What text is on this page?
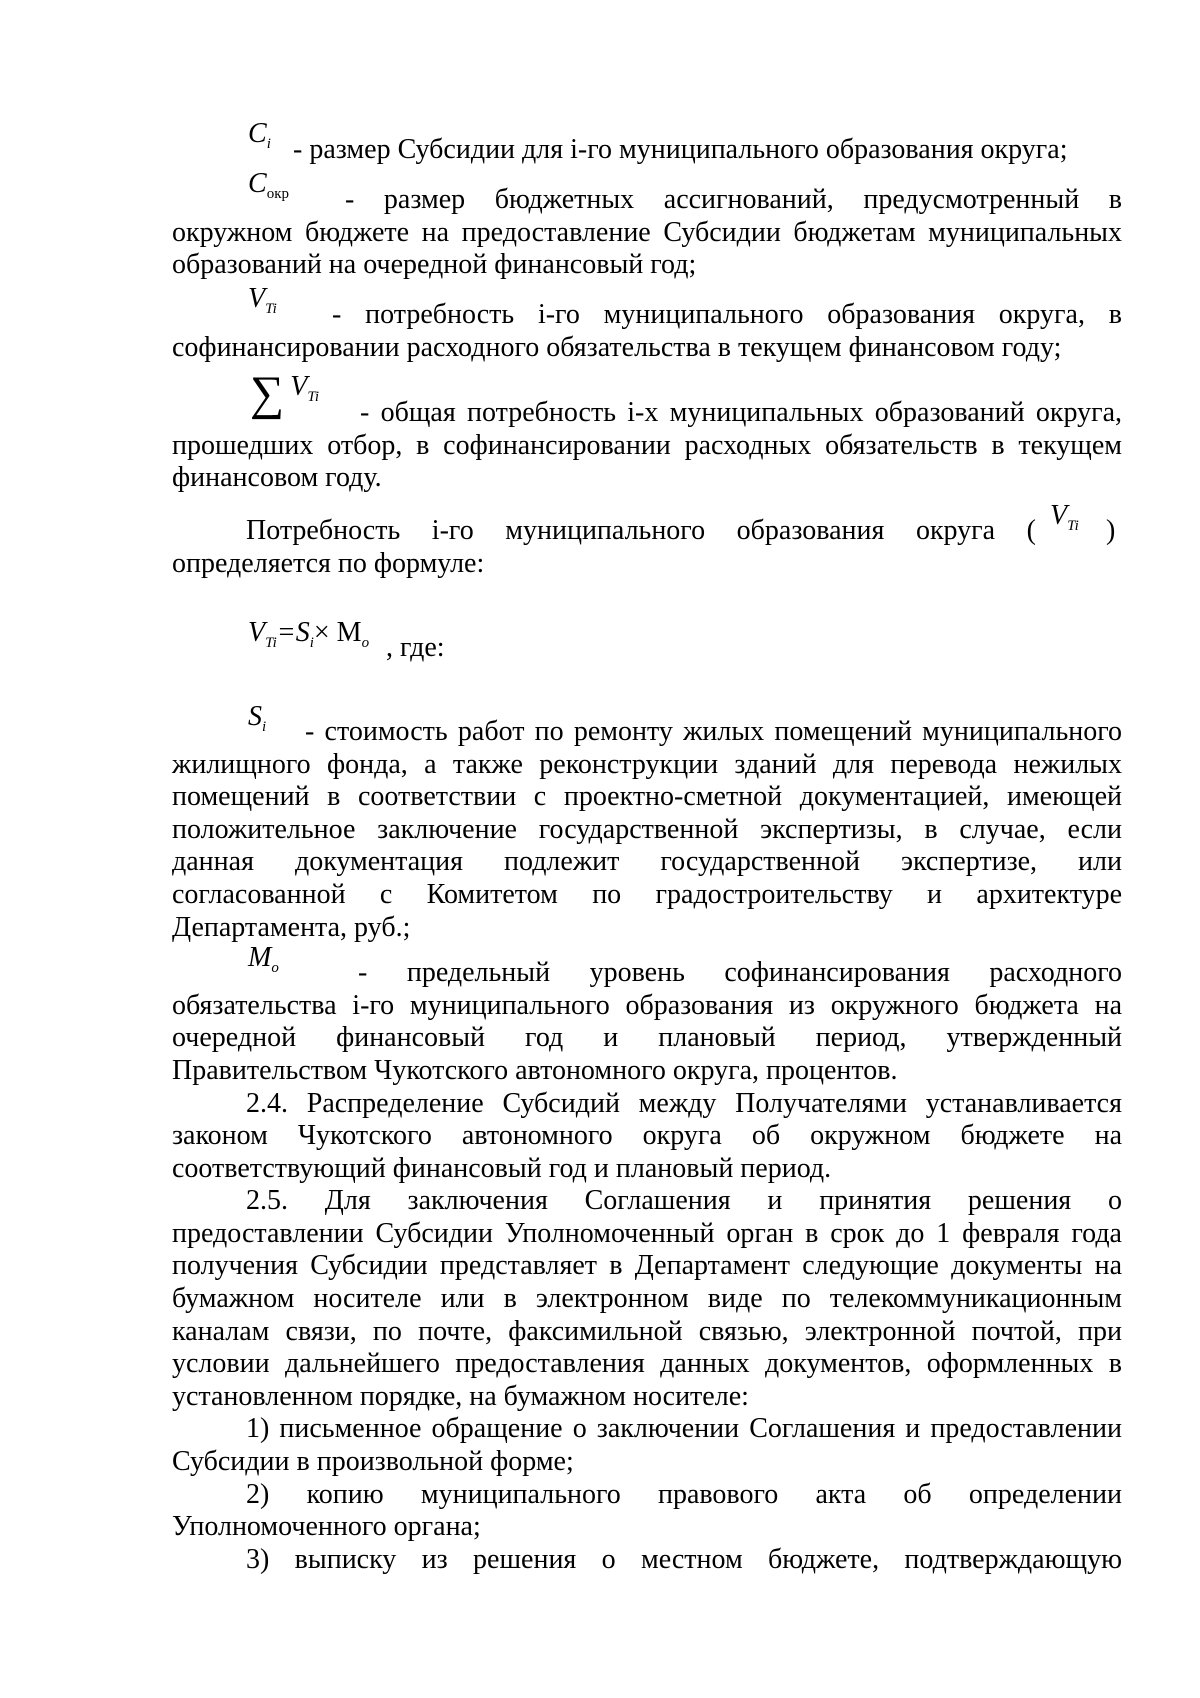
$C_i$ - размер Субсидии для i-го муниципального образования округа;
$C_{окр}$ - размер бюджетных ассигнований, предусмотренный в
окружном бюджете на предоставление Субсидии бюджетам муниципальных
образований на очередной финансовый год;
$V_{Ti}$ - потребность i-го муниципального образования округа, в
софинансировании расходного обязательства в текущем финансовом году;
∑ $V_{Ti}$ - общая потребность i-х муниципальных образований округа,
прошедших отбор, в софинансировании расходных обязательств в текущем
финансовом году.
Потребность i-го муниципального образования округа ( $V_{Ti}$ )
определяется по формуле:
$V_{Ti}=S_i\times M_o$ , где:
$S_i$ - стоимость работ по ремонту жилых помещений муниципального
жилищного фонда, а также реконструкции зданий для перевода нежилых
помещений в соответствии с проектно-сметной документацией, имеющей
положительное заключение государственной экспертизы, в случае, если
данная документация подлежит государственной экспертизе, или
согласованной с Комитетом по градостроительству и архитектуре
Департамента, руб.;
$M_o$	- предельный уровень софинансирования расходного
обязательства i-го муниципального образования из окружного бюджета на
очередной финансовый год и плановый период, утвержденный
Правительством Чукотского автономного округа, процентов.
2.4. Распределение Субсидий между Получателями устанавливается
законом Чукотского автономного округа об окружном бюджете на
соответствующий финансовый год и плановый период.
2.5. Для заключения Соглашения и принятия решения о
предоставлении Субсидии Уполномоченный орган в срок до 1 февраля года
получения Субсидии представляет в Департамент следующие документы на
бумажном носителе или в электронном виде по телекоммуникационным
каналам связи, по почте, факсимильной связью, электронной почтой, при
условии дальнейшего предоставления данных документов, оформленных в
установленном порядке, на бумажном носителе:
1) письменное обращение о заключении Соглашения и предоставлении
Субсидии в произвольной форме;
2) копию муниципального правового акта об определении
Уполномоченного органа;
3) выписку из решения о местном бюджете, подтверждающую
